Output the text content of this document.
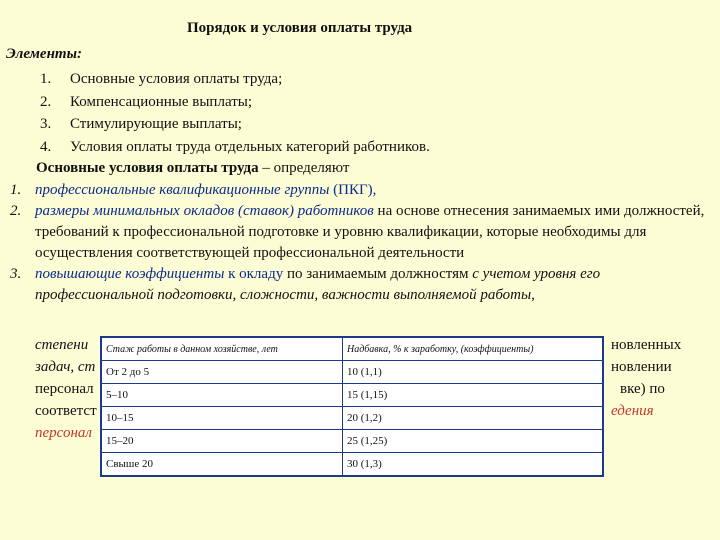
Порядок и условия оплаты труда
Элементы:
1. Основные условия оплаты труда;
2. Компенсационные выплаты;
3. Стимулирующие выплаты;
4. Условия оплаты труда отдельных категорий работников.
Основные условия оплаты труда – определяют
1. профессиональные квалификационные группы (ПКГ),
2. размеры минимальных окладов (ставок) работников на основе отнесения занимаемых ими должностей, требований к профессиональной подготовке и уровню квалификации, которые необходимы для осуществления соответствующей профессиональной деятельности
3. повышающие коэффициенты к окладу по занимаемым должностям с учетом уровня его профессиональной подготовки, сложности, важности выполняемой работы,
степени	новленных
задач, ст	новлении
персонал	вке) по
соответст	едения
персонал
Стаж работы в данном хозяйстве, лет	Надбавка, % к заработку, (коэффициенты)
От 2 до 5	10 (1,1)
5–10	15 (1,15)
10–15	20 (1,2)
15–20	25 (1,25)
Свыше 20	30 (1,3)
